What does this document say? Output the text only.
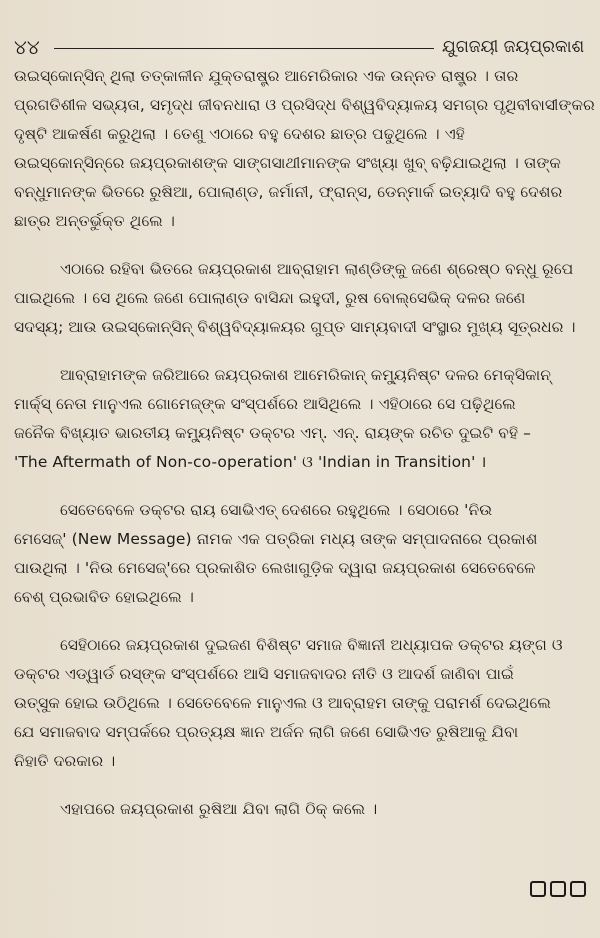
୪୪	ଯୁଗଜୟୀ ଜୟପ୍ରକାଶ
ଉଇସ୍କୋନ୍‌ସିନ୍ ଥିଲା ତତ୍କାଳୀନ ଯୁକ୍ତରାଷ୍ଟ୍ର ଆମେରିକାର ଏକ ଉନ୍ନତ ରାଷ୍ଟ୍ର । ତାର
ପ୍ରଗତିଶୀଳ ସଭ୍ୟତା, ସମୃଦ୍ଧ ଜୀବନଧାରା ଓ ପ୍ରସିଦ୍ଧ ବିଶ୍ୱବିଦ୍ୟାଳୟ ସମଗ୍ର ପୃଥିବୀବାସୀଙ୍କର
ଦୃଷ୍ଟି ଆକର୍ଷଣ କରୁଥିଲା । ତେଣୁ ଏଠାରେ ବହୁ ଦେଶର ଛାତ୍ର ପଢୁଥିଲେ । ଏହି
ଉଇସ୍କୋନ୍‌ସିନ୍‌ରେ ଜୟପ୍ରକାଶଙ୍କ ସାଙ୍ଗସାଥୀମାନଙ୍କ ସଂଖ୍ୟା ଖୁବ୍ ବଢ଼ିଯାଇଥିଲା । ତାଙ୍କ
ବନ୍ଧୁମାନଙ୍କ ଭିତରେ ରୁଷିଆ, ପୋଲାଣ୍ଡ, ଜର୍ମାନୀ, ଫ୍ରାନ୍‌ସ, ଡେନ୍‌ମାର୍କ ଇତ୍ୟାଦି ବହୁ ଦେଶର
ଛାତ୍ର ଅନ୍ତର୍ଭୁକ୍ତ ଥିଲେ ।
ଏଠାରେ ରହିବା ଭିତରେ ଜୟପ୍ରକାଶ ଆବ୍ରାହାମ ଲାଣ୍ଡିଙ୍କୁ ଜଣେ ଶ୍ରେଷ୍ଠ ବନ୍ଧୁ ରୂପେ
ପାଇଥିଲେ । ସେ ଥିଲେ ଜଣେ ପୋଲାଣ୍ଡ ବାସିନ୍ଦା ଇହୁଦୀ, ରୁଷ ବୋଲ୍‌ସେଭିକ୍ ଦଳର ଜଣେ
ସଦସ୍ୟ; ଆଉ ଉଇସ୍କୋନ୍‌ସିନ୍ ବିଶ୍ୱବିଦ୍ୟାଳୟର ଗୁପ୍ତ ସାମ୍ୟବାଦୀ ସଂସ୍ଥାର ମୁଖ୍ୟ ସୂତ୍ରଧର ।
ଆବ୍ରାହାମଙ୍କ ଜରିଆରେ ଜୟପ୍ରକାଶ ଆମେରିକାନ୍ କମ୍ୟୁନିଷ୍ଟ ଦଳର ମେକ୍‌ସିକାନ୍
ମାର୍କ୍‌ସ୍ ନେତା ମାନୁଏଲ ଗୋମେଜ୍‌ଙ୍କ ସଂସ୍ପର୍ଶରେ ଆସିଥିଲେ । ଏହିଠାରେ ସେ ପଢ଼ିଥିଲେ
ଜନୈକ ବିଖ୍ୟାତ ଭାରତୀୟ କମ୍ୟୁନିଷ୍ଟ ଡକ୍ଟର ଏମ୍. ଏନ୍. ରାୟଙ୍କ ରଚିତ ଦୁଇଟି ବହି –
'The Aftermath of Non-co-operation' ଓ 'Indian in Transition' ।
ସେତେବେଳେ ଡକ୍ଟର ରାୟ ସୋଭିଏତ୍ ଦେଶରେ ରହୁଥିଲେ । ସେଠାରେ 'ନିଉ
ମେସେଜ୍' (New Message) ନାମକ ଏକ ପତ୍ରିକା ମଧ୍ୟ ତାଙ୍କ ସମ୍ପାଦନାରେ ପ୍ରକାଶ
ପାଉଥିଲା । 'ନିଉ ମେସେଜ୍'ରେ ପ୍ରକାଶିତ ଲେଖାଗୁଡ଼ିକ ଦ୍ୱାରା ଜୟପ୍ରକାଶ ସେତେବେଳେ
ବେଶ୍ ପ୍ରଭାବିତ ହୋଇଥିଲେ ।
ସେହିଠାରେ ଜୟପ୍ରକାଶ ଦୁଇଜଣ ବିଶିଷ୍ଟ ସମାଜ ବିଜ୍ଞାନୀ ଅଧ୍ୟାପକ ଡକ୍ଟର ୟଙ୍ଗ ଓ
ଡକ୍ଟର ଏଡ୍‌ୱାର୍ଡ ରସ୍‌ଙ୍କ ସଂସ୍ପର୍ଶରେ ଆସି ସମାଜବାଦର ନୀତି ଓ ଆଦର୍ଶ ଜାଣିବା ପାଇଁ
ଉତ୍ସୁକ ହୋଇ ଉଠିଥିଲେ । ସେତେବେଳେ ମାନୁଏଲ ଓ ଆବ୍ରାହମ ତାଙ୍କୁ ପରାମର୍ଶ ଦେଇଥିଲେ
ଯେ ସମାଜବାଦ ସମ୍ପର୍କରେ ପ୍ରତ୍ୟକ୍ଷ ଜ୍ଞାନ ଅର୍ଜନ ଲାଗି ଜଣେ ସୋଭିଏତ ରୁଷିଆକୁ ଯିବା
ନିହାତି ଦରକାର ।
ଏହାପରେ ଜୟପ୍ରକାଶ ରୁଷିଆ ଯିବା ଲାଗି ଠିକ୍ କଲେ ।
